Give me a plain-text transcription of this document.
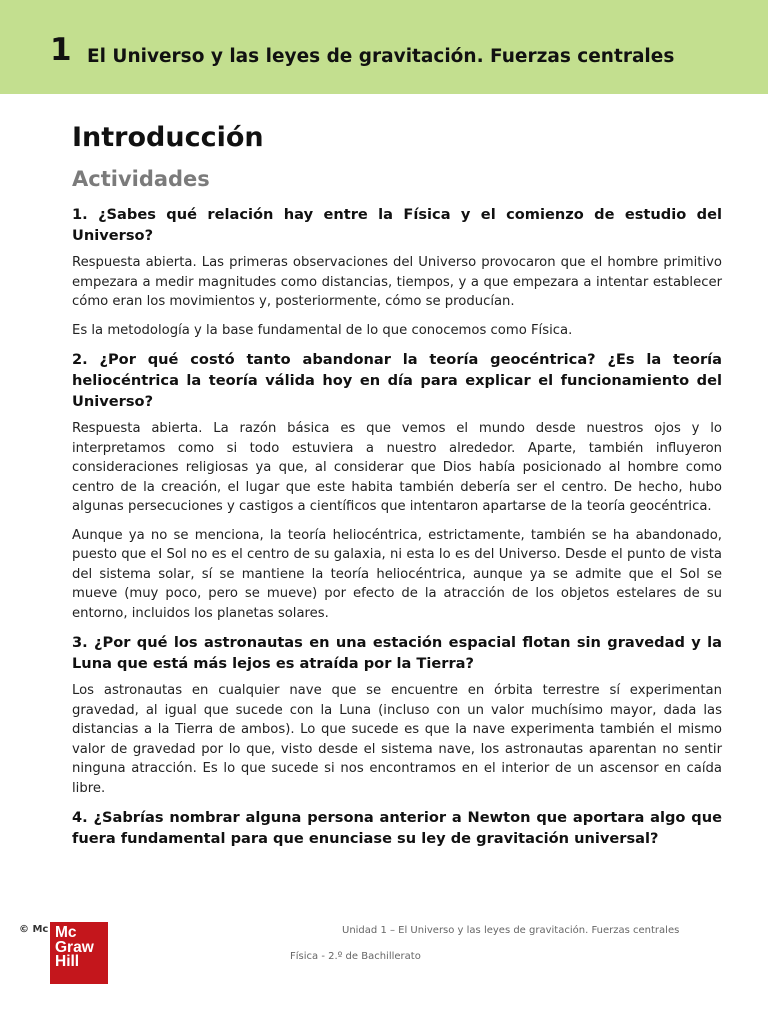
1 El Universo y las leyes de gravitación. Fuerzas centrales
Introducción
Actividades

1. ¿Sabes qué relación hay entre la Física y el comienzo de estudio del Universo?

Respuesta abierta. Las primeras observaciones del Universo provocaron que el hombre primitivo empezara a medir magnitudes como distancias, tiempos, y a que empezara a intentar establecer cómo eran los movimientos y, posteriormente, cómo se producían.

Es la metodología y la base fundamental de lo que conocemos como Física.

2. ¿Por qué costó tanto abandonar la teoría geocéntrica? ¿Es la teoría heliocéntrica la teoría válida hoy en día para explicar el funcionamiento del Universo?

Respuesta abierta. La razón básica es que vemos el mundo desde nuestros ojos y lo interpretamos como si todo estuviera a nuestro alrededor. Aparte, también influyeron consideraciones religiosas ya que, al considerar que Dios había posicionado al hombre como centro de la creación, el lugar que este habita también debería ser el centro. De hecho, hubo algunas persecuciones y castigos a científicos que intentaron apartarse de la teoría geocéntrica.

Aunque ya no se menciona, la teoría heliocéntrica, estrictamente, también se ha abandonado, puesto que el Sol no es el centro de su galaxia, ni esta lo es del Universo. Desde el punto de vista del sistema solar, sí se mantiene la teoría heliocéntrica, aunque ya se admite que el Sol se mueve (muy poco, pero se mueve) por efecto de la atracción de los objetos estelares de su entorno, incluidos los planetas solares.

3. ¿Por qué los astronautas en una estación espacial flotan sin gravedad y la Luna que está más lejos es atraída por la Tierra?

Los astronautas en cualquier nave que se encuentre en órbita terrestre sí experimentan gravedad, al igual que sucede con la Luna (incluso con un valor muchísimo mayor, dada las distancias a la Tierra de ambos). Lo que sucede es que la nave experimenta también el mismo valor de gravedad por lo que, visto desde el sistema nave, los astronautas aparentan no sentir ninguna atracción. Es lo que sucede si nos encontramos en el interior de un ascensor en caída libre.

4. ¿Sabrías nombrar alguna persona anterior a Newton que aportara algo que fuera fundamental para que enunciase su ley de gravitación universal?

© Mc Mc
Graw
Hill
Unidad 1 – El Universo y las leyes de gravitación. Fuerzas centrales
Física - 2.º de Bachillerato
